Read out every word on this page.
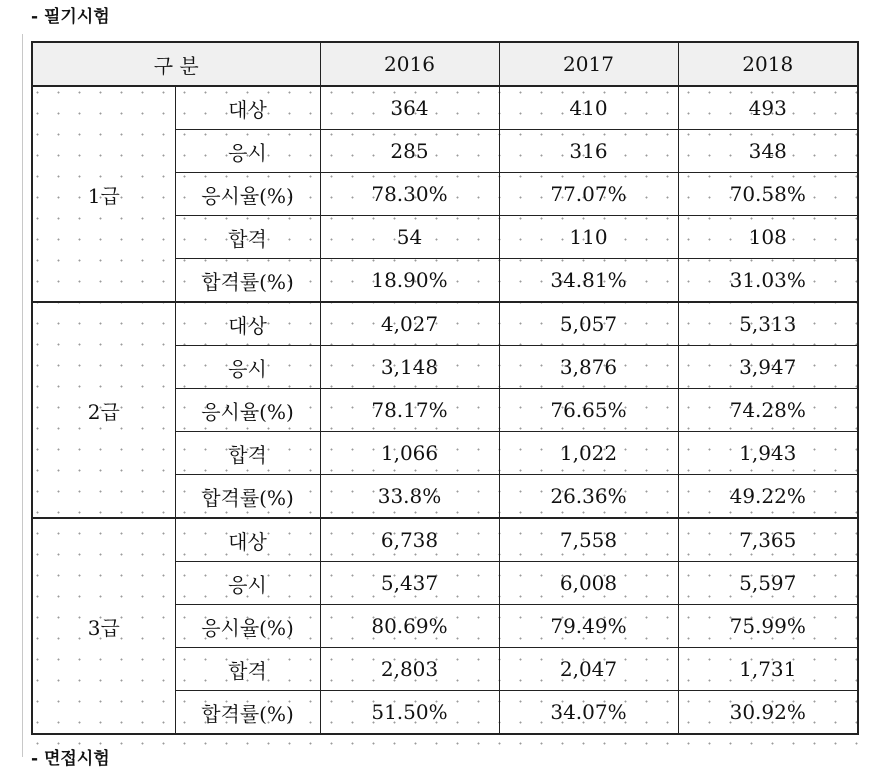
- 필기시험
구 분		2016	2017	2018
1급	대상	364	410	493
	응시	285	316	348
	응시율(%)	78.30%	77.07%	70.58%
	합격	54	110	108
	합격률(%)	18.90%	34.81%	31.03%
2급	대상	4,027	5,057	5,313
	응시	3,148	3,876	3,947
	응시율(%)	78.17%	76.65%	74.28%
	합격	1,066	1,022	1,943
	합격률(%)	33.8%	26.36%	49.22%
3급	대상	6,738	7,558	7,365
	응시	5,437	6,008	5,597
	응시율(%)	80.69%	79.49%	75.99%
	합격	2,803	2,047	1,731
	합격률(%)	51.50%	34.07%	30.92%
- 면접시험
